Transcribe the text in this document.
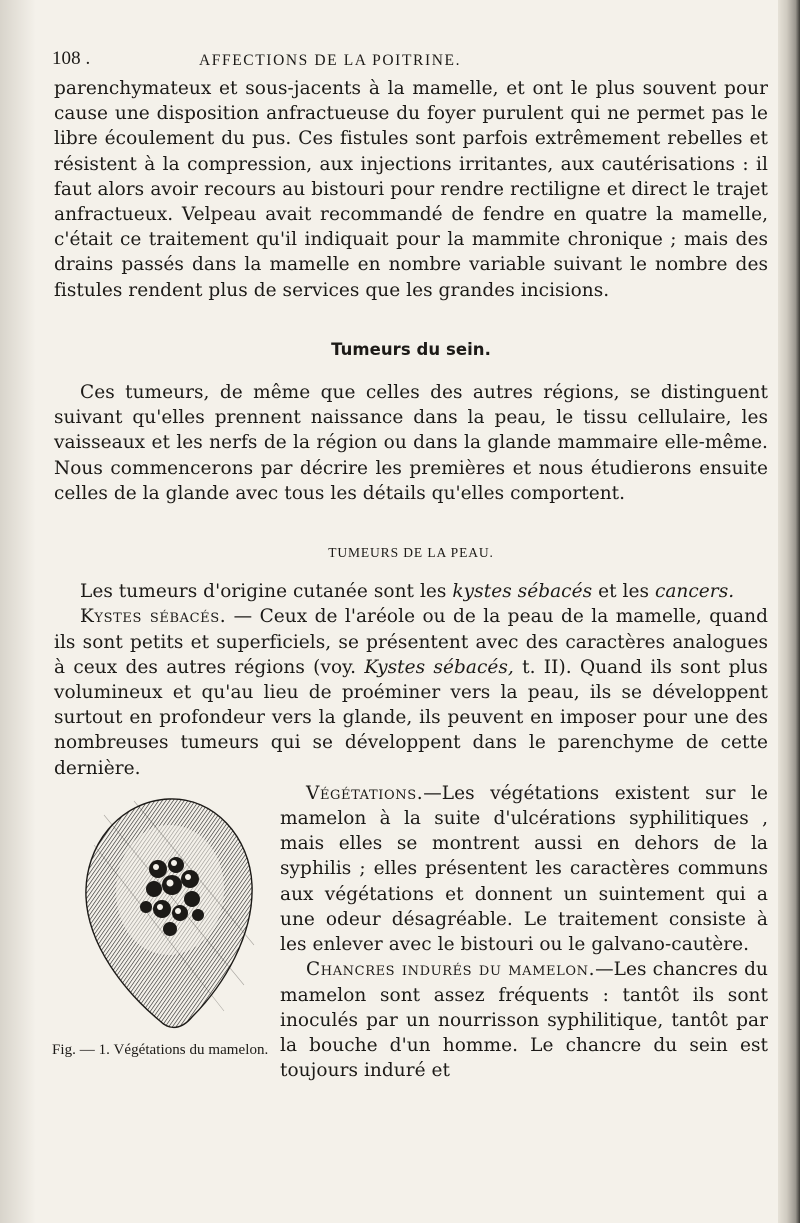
108 .	AFFECTIONS DE LA POITRINE.

parenchymateux et sous-jacents à la mamelle, et ont le plus souvent pour cause une disposition anfractueuse du foyer purulent qui ne permet pas le libre écoulement du pus. Ces fistules sont parfois extrêmement rebelles et résistent à la compression, aux injections irritantes, aux cautérisations : il faut alors avoir recours au bistouri pour rendre rectiligne et direct le trajet anfractueux. Velpeau avait recommandé de fendre en quatre la mamelle, c'était ce traitement qu'il indiquait pour la mammite chronique ; mais des drains passés dans la mamelle en nombre variable suivant le nombre des fistules rendent plus de services que les grandes incisions.

Tumeurs du sein.

Ces tumeurs, de même que celles des autres régions, se distinguent suivant qu'elles prennent naissance dans la peau, le tissu cellulaire, les vaisseaux et les nerfs de la région ou dans la glande mammaire elle-même. Nous commencerons par décrire les premières et nous étudierons ensuite celles de la glande avec tous les détails qu'elles comportent.

TUMEURS DE LA PEAU.

Les tumeurs d'origine cutanée sont les kystes sébacés et les cancers.

Kystes sébacés. — Ceux de l'aréole ou de la peau de la mamelle, quand ils sont petits et superficiels, se présentent avec des caractères analogues à ceux des autres régions (voy. Kystes sébacés, t. II). Quand ils sont plus volumineux et qu'au lieu de proéminer vers la peau, ils se développent surtout en profondeur vers la glande, ils peuvent en imposer pour une des nombreuses tumeurs qui se développent dans le parenchyme de cette dernière.

Fig. — 1. Végétations du mamelon.

Végétations.—Les végétations existent sur le mamelon à la suite d'ulcérations syphilitiques , mais elles se montrent aussi en dehors de la syphilis ; elles présentent les caractères communs aux végétations et donnent un suintement qui a une odeur désagréable. Le traitement consiste à les enlever avec le bistouri ou le galvano-cautère.

Chancres indurés du mamelon.—Les chancres du mamelon sont assez fréquents : tantôt ils sont inoculés par un nourrisson syphilitique, tantôt par la bouche d'un homme. Le chancre du sein est toujours induré et
